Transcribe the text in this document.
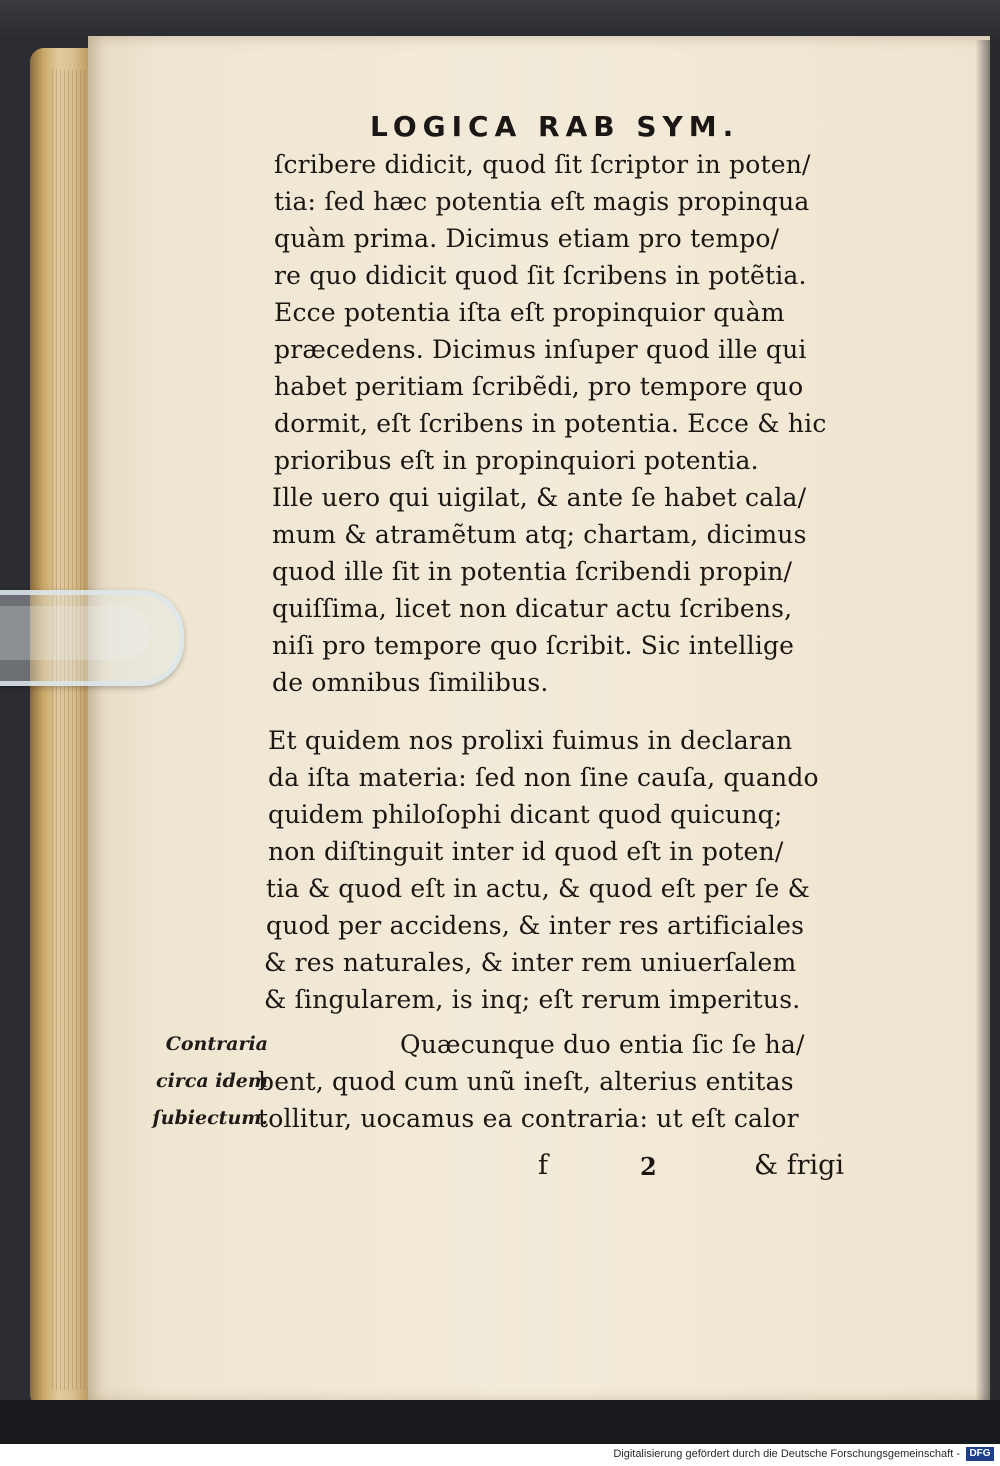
LOGICA RAB SYM.
ſcribere didicit, quod ſit ſcriptor in poten/
tia: ſed hæc potentia eſt magis propinqua
quàm prima. Dicimus etiam pro tempo/
re quo didicit quod ſit ſcribens in potẽtia.
Ecce potentia iſta eſt propinquior quàm
præcedens. Dicimus inſuper quod ille qui
habet peritiam ſcribẽdi, pro tempore quo
dormit, eſt ſcribens in potentia. Ecce & hic
prioribus eſt in propinquiori potentia.
Ille uero qui uigilat, & ante ſe habet cala/
mum & atramẽtum atq; chartam, dicimus
quod ille ſit in potentia ſcribendi propin/
quiſſima, licet non dicatur actu ſcribens,
niſi pro tempore quo ſcribit. Sic intellige
de omnibus ſimilibus.
Et quidem nos prolixi fuimus in declaran
da iſta materia: ſed non ſine cauſa, quando
quidem philoſophi dicant quod quicunq;
non diſtinguit inter id quod eſt in poten/
tia & quod eſt in actu, & quod eſt per ſe &
quod per accidens, & inter res artificiales
& res naturales, & inter rem uniuerſalem
& ſingularem, is inq; eſt rerum imperitus.
Quæcunque duo entia ſic ſe ha/
bent, quod cum unũ ineſt, alterius entitas
tollitur, uocamus ea contraria: ut eſt calor
Contraria
circa idem
ſubiectum.
f	2	& frigi
Digitalisierung gefördert durch die Deutsche Forschungsgemeinschaft - DFG
